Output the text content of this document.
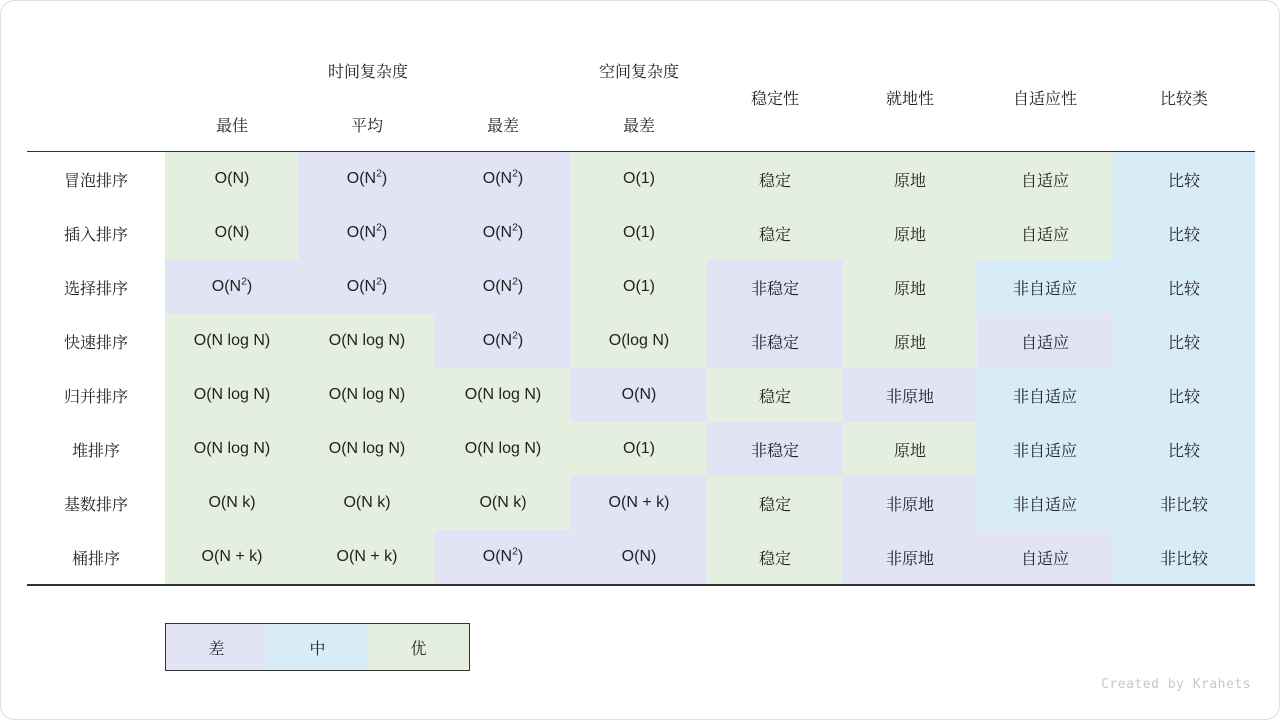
	时间复杂度			空间复杂度	稳定性	就地性	自适应性	比较类
	最佳	平均	最差	最差				
冒泡排序	O(N)	$O(N^2)$	$O(N^2)$	O(1)	稳定	原地	自适应	比较
插入排序	O(N)	$O(N^2)$	$O(N^2)$	O(1)	稳定	原地	自适应	比较
选择排序	$O(N^2)$	$O(N^2)$	$O(N^2)$	O(1)	非稳定	原地	非自适应	比较
快速排序	O(N log N)	O(N log N)	$O(N^2)$	O(log N)	非稳定	原地	自适应	比较
归并排序	O(N log N)	O(N log N)	O(N log N)	O(N)	稳定	非原地	非自适应	比较
堆排序	O(N log N)	O(N log N)	O(N log N)	O(1)	非稳定	原地	非自适应	比较
基数排序	O(N k)	O(N k)	O(N k)	O(N + k)	稳定	非原地	非自适应	非比较
桶排序	O(N + k)	O(N + k)	$O(N^2)$	O(N)	稳定	非原地	自适应	非比较
差	中	优
Created by Krahets
